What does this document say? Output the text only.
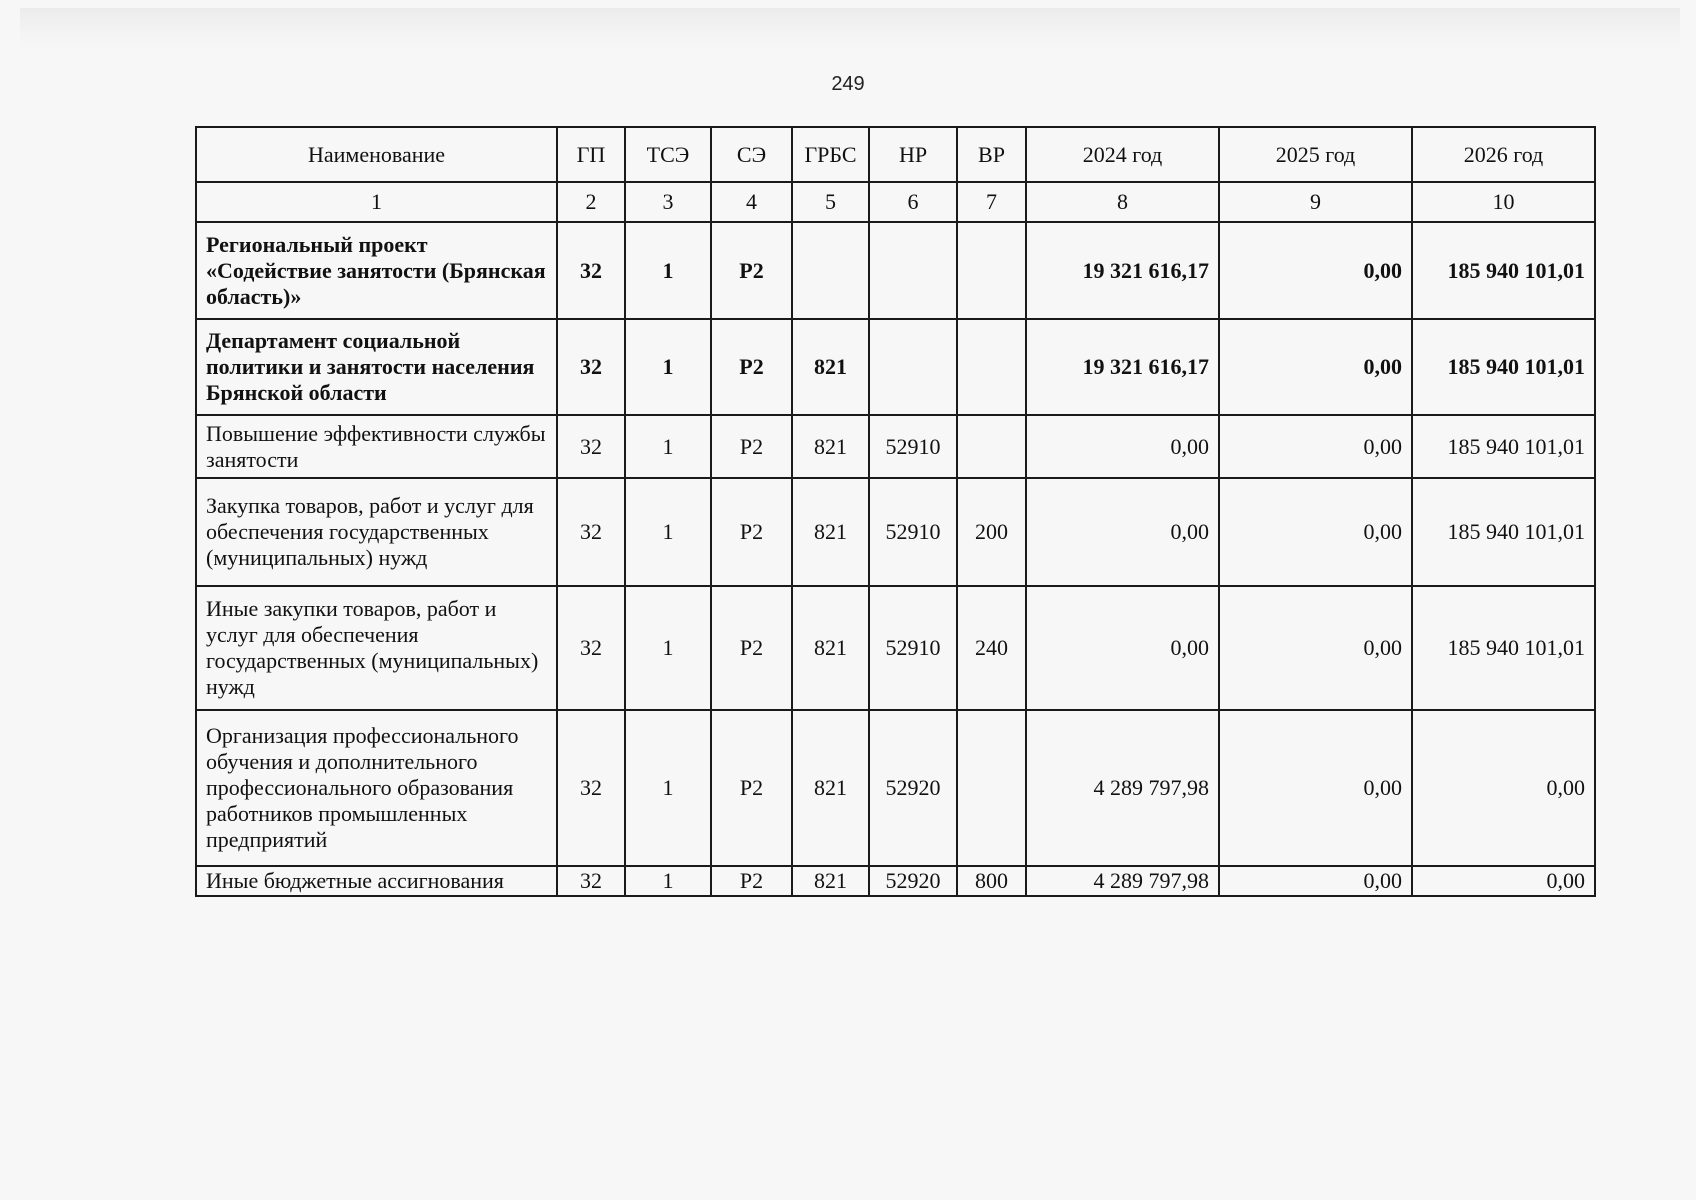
249
Наименование	ГП	ТСЭ	СЭ	ГРБС	НР	ВР	2024 год	2025 год	2026 год
1	2	3	4	5	6	7	8	9	10
Региональный проект «Содействие занятости (Брянская область)»	32	1	Р2				19 321 616,17	0,00	185 940 101,01
Департамент социальной политики и занятости населения Брянской области	32	1	Р2	821			19 321 616,17	0,00	185 940 101,01
Повышение эффективности службы занятости	32	1	Р2	821	52910		0,00	0,00	185 940 101,01
Закупка товаров, работ и услуг для обеспечения государственных (муниципальных) нужд	32	1	Р2	821	52910	200	0,00	0,00	185 940 101,01
Иные закупки товаров, работ и услуг для обеспечения государственных (муниципальных) нужд	32	1	Р2	821	52910	240	0,00	0,00	185 940 101,01
Организация профессионального обучения и дополнительного профессионального образования работников промышленных предприятий	32	1	Р2	821	52920		4 289 797,98	0,00	0,00
Иные бюджетные ассигнования	32	1	Р2	821	52920	800	4 289 797,98	0,00	0,00
